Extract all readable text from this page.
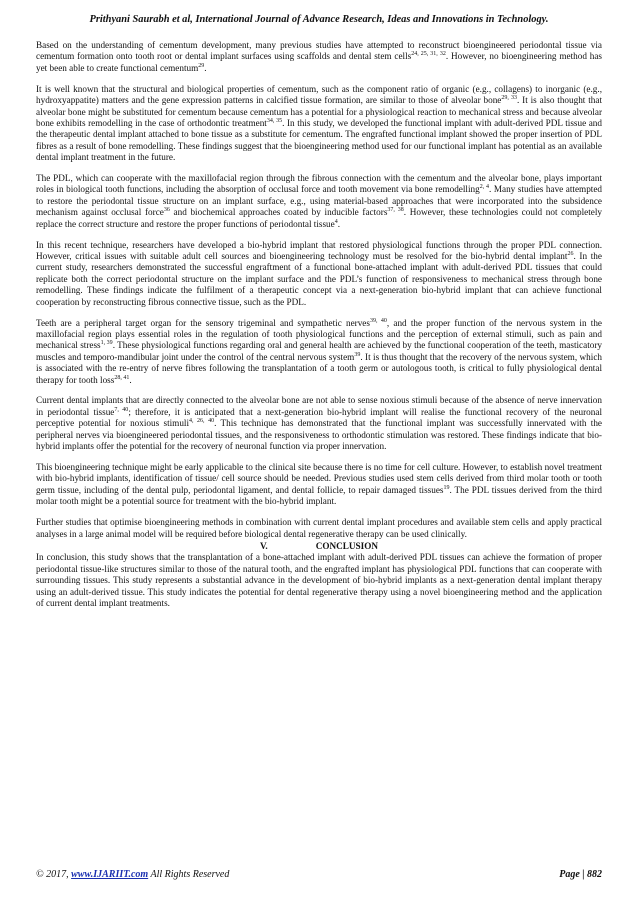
Prithyani Saurabh et al, International Journal of Advance Research, Ideas and Innovations in Technology.

Based on the understanding of cementum development, many previous studies have attempted to reconstruct bioengineered periodontal tissue via cementum formation onto tooth root or dental implant surfaces using scaffolds and dental stem cells$^{24, 25, 31, 32}$. However, no bioengineering method has yet been able to create functional cementum$^{29}$.

It is well known that the structural and biological properties of cementum, such as the component ratio of organic (e.g., collagens) to inorganic (e.g., hydroxyappatite) matters and the gene expression patterns in calcified tissue formation, are similar to those of alveolar bone$^{29, 33}$. It is also thought that alveolar bone might be substituted for cementum because cementum has a potential for a physiological reaction to mechanical stress and because alveolar bone exhibits remodelling in the case of orthodontic treatment$^{34, 35}$. In this study, we developed the functional implant with adult-derived PDL tissue and the therapeutic dental implant attached to bone tissue as a substitute for cementum. The engrafted functional implant showed the proper insertion of PDL fibres as a result of bone remodelling. These findings suggest that the bioengineering method used for our functional implant has potential as an available dental implant treatment in the future.

The PDL, which can cooperate with the maxillofacial region through the fibrous connection with the cementum and the alveolar bone, plays important roles in biological tooth functions, including the absorption of occlusal force and tooth movement via bone remodelling$^{2, 4}$. Many studies have attempted to restore the periodontal tissue structure on an implant surface, e.g., using material-based approaches that were incorporated into the subsidence mechanism against occlusal force$^{36}$ and biochemical approaches coated by inducible factors$^{37, 38}$. However, these technologies could not completely replace the correct structure and restore the proper functions of periodontal tissue$^4$.

In this recent technique, researchers have developed a bio-hybrid implant that restored physiological functions through the proper PDL connection. However, critical issues with suitable adult cell sources and bioengineering technology must be resolved for the bio-hybrid dental implant$^{26}$. In the current study, researchers demonstrated the successful engraftment of a functional bone-attached implant with adult-derived PDL tissues that could replicate both the correct periodontal structure on the implant surface and the PDL’s function of responsiveness to mechanical stress through bone remodelling. These findings indicate the fulfilment of a therapeutic concept via a next-generation bio-hybrid implant that can achieve functional cooperation by reconstructing fibrous connective tissue, such as the PDL.

Teeth are a peripheral target organ for the sensory trigeminal and sympathetic nerves$^{39, 40}$, and the proper function of the nervous system in the maxillofacial region plays essential roles in the regulation of tooth physiological functions and the perception of external stimuli, such as pain and mechanical stress$^{1, 39}$. These physiological functions regarding oral and general health are achieved by the functional cooperation of the teeth, masticatory muscles and temporo-mandibular joint under the control of the central nervous system$^{39}$. It is thus thought that the recovery of the nervous system, which is associated with the re-entry of nerve fibres following the transplantation of a tooth germ or autologous tooth, is critical to fully physiological dental therapy for tooth loss$^{28, 41}$.

Current dental implants that are directly connected to the alveolar bone are not able to sense noxious stimuli because of the absence of nerve innervation in periodontal tissue$^{7, 40}$; therefore, it is anticipated that a next-generation bio-hybrid implant will realise the functional recovery of the neuronal perceptive potential for noxious stimuli$^{4, 26, 40}$. This technique has demonstrated that the functional implant was successfully innervated with the peripheral nerves via bioengineered periodontal tissues, and the responsiveness to orthodontic stimulation was restored. These findings indicate that bio-hybrid implants offer the potential for the recovery of neuronal function via proper innervation.

This bioengineering technique might be early applicable to the clinical site because there is no time for cell culture. However, to establish novel treatment with bio-hybrid implants, identification of tissue/ cell source should be needed. Previous studies used stem cells derived from third molar tooth or tooth germ tissue, including of the dental pulp, periodontal ligament, and dental follicle, to repair damaged tissues$^{19}$. The PDL tissues derived from the third molar tooth might be a potential source for treatment with the bio-hybrid implant.

Further studies that optimise bioengineering methods in combination with current dental implant procedures and available stem cells and apply practical analyses in a large animal model will be required before biological dental regenerative therapy can be used clinically.

V.	CONCLUSION

In conclusion, this study shows that the transplantation of a bone-attached implant with adult-derived PDL tissues can achieve the formation of proper periodontal tissue-like structures similar to those of the natural tooth, and the engrafted implant has physiological PDL functions that can cooperate with surrounding tissues. This study represents a substantial advance in the development of bio-hybrid implants as a next-generation dental implant therapy using an adult-derived tissue. This study indicates the potential for dental regenerative therapy using a novel bioengineering method and the application of current dental implant treatments.

© 2017, www.IJARIIT.com All Rights Reserved	Page | 882
